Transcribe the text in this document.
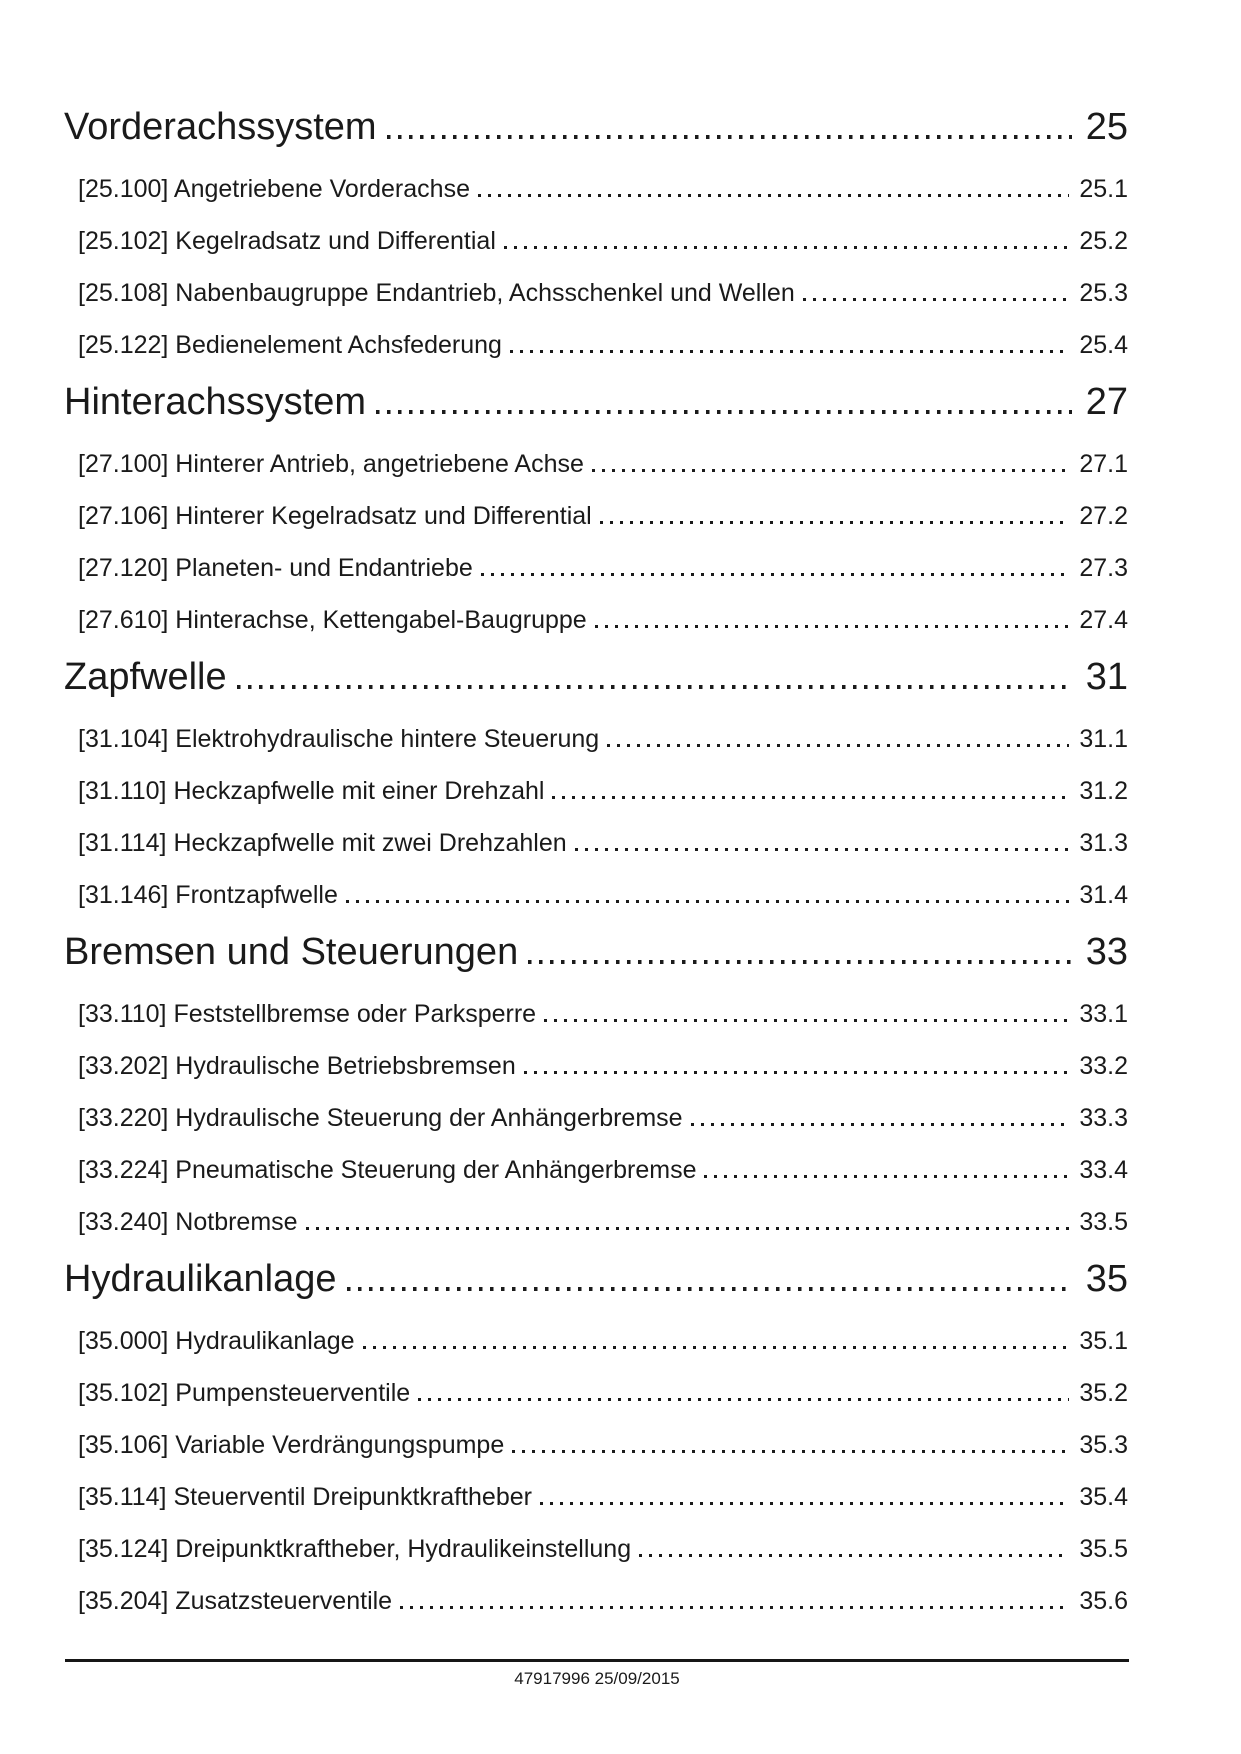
Vorderachssystem	25
[25.100] Angetriebene Vorderachse	25.1
[25.102] Kegelradsatz und Differential	25.2
[25.108] Nabenbaugruppe Endantrieb, Achsschenkel und Wellen	25.3
[25.122] Bedienelement Achsfederung	25.4
Hinterachssystem	27
[27.100] Hinterer Antrieb, angetriebene Achse	27.1
[27.106] Hinterer Kegelradsatz und Differential	27.2
[27.120] Planeten- und Endantriebe	27.3
[27.610] Hinterachse, Kettengabel-Baugruppe	27.4
Zapfwelle	31
[31.104] Elektrohydraulische hintere Steuerung	31.1
[31.110] Heckzapfwelle mit einer Drehzahl	31.2
[31.114] Heckzapfwelle mit zwei Drehzahlen	31.3
[31.146] Frontzapfwelle	31.4
Bremsen und Steuerungen	33
[33.110] Feststellbremse oder Parksperre	33.1
[33.202] Hydraulische Betriebsbremsen	33.2
[33.220] Hydraulische Steuerung der Anhängerbremse	33.3
[33.224] Pneumatische Steuerung der Anhängerbremse	33.4
[33.240] Notbremse	33.5
Hydraulikanlage	35
[35.000] Hydraulikanlage	35.1
[35.102] Pumpensteuerventile	35.2
[35.106] Variable Verdrängungspumpe	35.3
[35.114] Steuerventil Dreipunktkraftheber	35.4
[35.124] Dreipunktkraftheber, Hydraulikeinstellung	35.5
[35.204] Zusatzsteuerventile	35.6
47917996 25/09/2015
